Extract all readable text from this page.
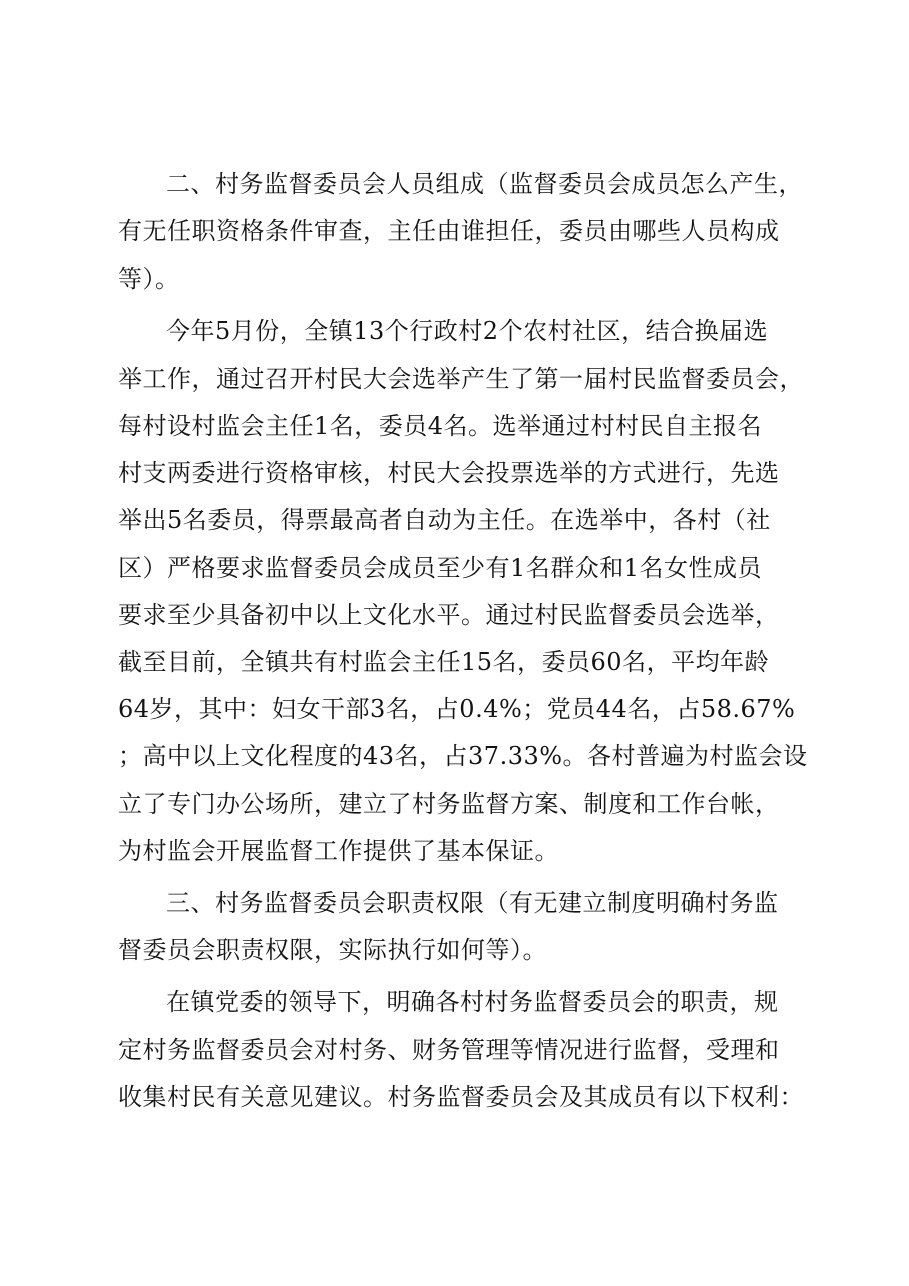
二、村务监督委员会人员组成（监督委员会成员怎么产生，

有无任职资格条件审查，主任由谁担任，委员由哪些人员构成

等）。

今年5月份，全镇13个行政村2个农村社区，结合换届选

举工作，通过召开村民大会选举产生了第一届村民监督委员会，

每村设村监会主任1名，委员4名。选举通过村村民自主报名

村支两委进行资格审核，村民大会投票选举的方式进行，先选

举出5名委员，得票最高者自动为主任。在选举中，各村（社

区）严格要求监督委员会成员至少有1名群众和1名女性成员

要求至少具备初中以上文化水平。通过村民监督委员会选举，

截至目前，全镇共有村监会主任15名，委员60名，平均年龄

64岁，其中：妇女干部3名，占0.4%；党员44名，占58.67%

；高中以上文化程度的43名，占37.33%。各村普遍为村监会设

立了专门办公场所，建立了村务监督方案、制度和工作台帐，

为村监会开展监督工作提供了基本保证。

三、村务监督委员会职责权限（有无建立制度明确村务监

督委员会职责权限，实际执行如何等）。

在镇党委的领导下，明确各村村务监督委员会的职责，规

定村务监督委员会对村务、财务管理等情况进行监督，受理和

收集村民有关意见建议。村务监督委员会及其成员有以下权利：
